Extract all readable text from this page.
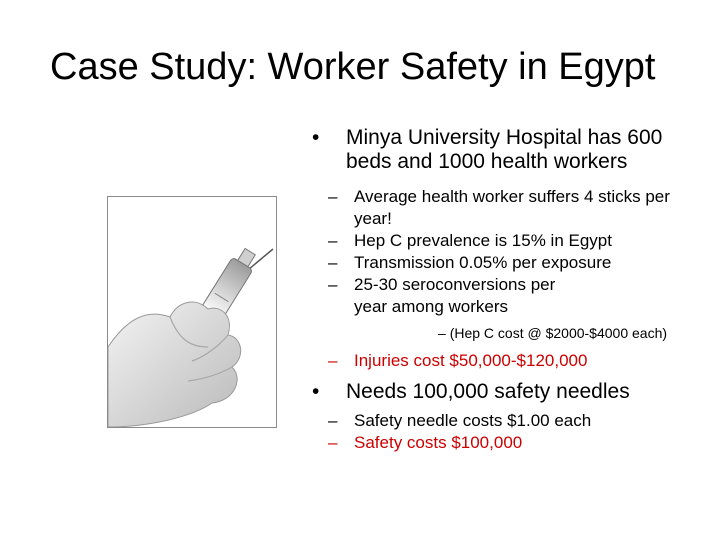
Case Study: Worker Safety in Egypt
• Minya University Hospital has 600 beds and 1000 health workers
– Average health worker suffers 4 sticks per year!
– Hep C prevalence is 15% in Egypt
– Transmission 0.05% per exposure
– 25-30 seroconversions per year among workers
– (Hep C cost @ $2000-$4000 each)
– Injuries cost $50,000-$120,000
• Needs 100,000 safety needles
– Safety needle costs $1.00 each
– Safety costs $100,000
